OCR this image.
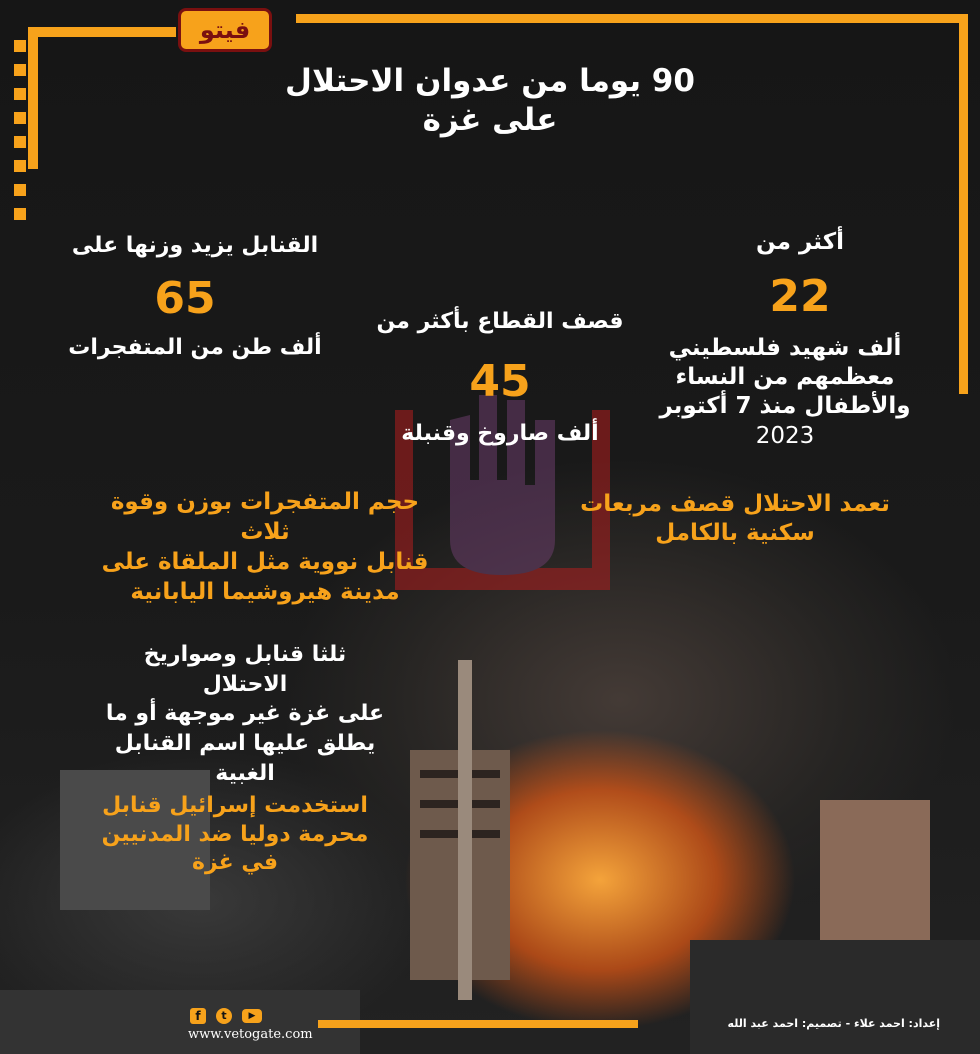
فيتو
90 يوما من عدوان الاحتلال
على غزة
أكثر من
22
ألف شهيد فلسطيني
معظمهم من النساء
والأطفال منذ 7 أكتوبر
2023
قصف القطاع بأكثر من
45
ألف صاروخ وقنبلة
القنابل يزيد وزنها على
65
ألف طن من المتفجرات
تعمد الاحتلال قصف مربعات
سكنية بالكامل
حجم المتفجرات بوزن وقوة ثلاث
قنابل نووية مثل الملقاة على
مدينة هيروشيما اليابانية
ثلثا قنابل وصواريخ الاحتلال
على غزة غير موجهة أو ما
يطلق عليها اسم القنابل
الغبية
استخدمت إسرائيل قنابل
محرمة دوليا ضد المدنيين
في غزة
f	t	▶
www.vetogate.com
إعداد: احمد علاء - تصميم: احمد عبد الله
